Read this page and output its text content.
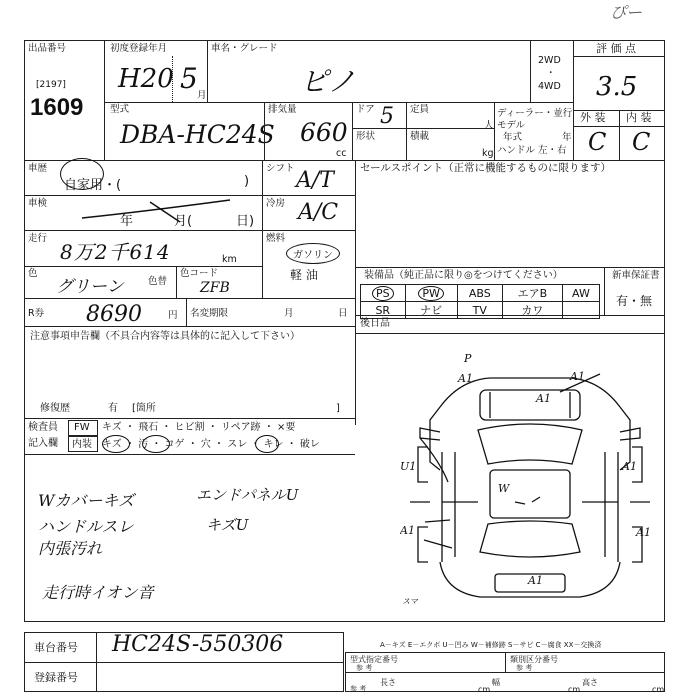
ぴー
出品番号
[2197]
1609
初度登録年月
H20 5
月
車名・グレード
ピノ
2WD
・
4WD
評 価 点
3.5
型式
DBA-HC24S
排気量
660
cc
ドア 5 定員
人
形状	積載
kg
ディーラー・並行
モデル
年式	年
ハンドル 左・右
外 装 内 装
C C
車歴
自家用・(	)
車検
年	月(	日)
走行
8万2千614	km
色
グリーン	色替
色コード
ZFB
シフト A/T
冷房 A/C
燃料
ガソリン
軽 油
R券 8690	円 名変期限	月	日
注意事項申告欄（不具合内容等は具体的に記入して下さい）
修復歴	有 [箇所	]
検査員
記入欄
FW キズ ・ 飛石 ・ ヒビ割 ・ リペア跡 ・ ×要
内装 キズ ・ 汚 ・ コゲ ・ 穴 ・ スレ ・ キレ ・ 破レ
Wカバーキズ
ハンドルスレ
内張汚れ
走行時イオン音
エンドパネルU
キズU
セールスポイント（正常に機能するものに限ります）
装備品（純正品に限り◎をつけてください）	新車保証書
有・無
PS	PW	ABS	エアB	AW
SR	ナビ	TV	カワ	
後日品
P
A1	A1
A1
U1	A1
A1	A1
W
A1
スマ
車台番号 HC24S-550306
登録番号
A－キズ E－エクボ U－凹み W－補修跡 S－サビ C－腐食 XX－交換済
型式指定番号
参 考
類別区分番号
参 考
参 考
長さ
cm
幅
cm
高さ
cm
